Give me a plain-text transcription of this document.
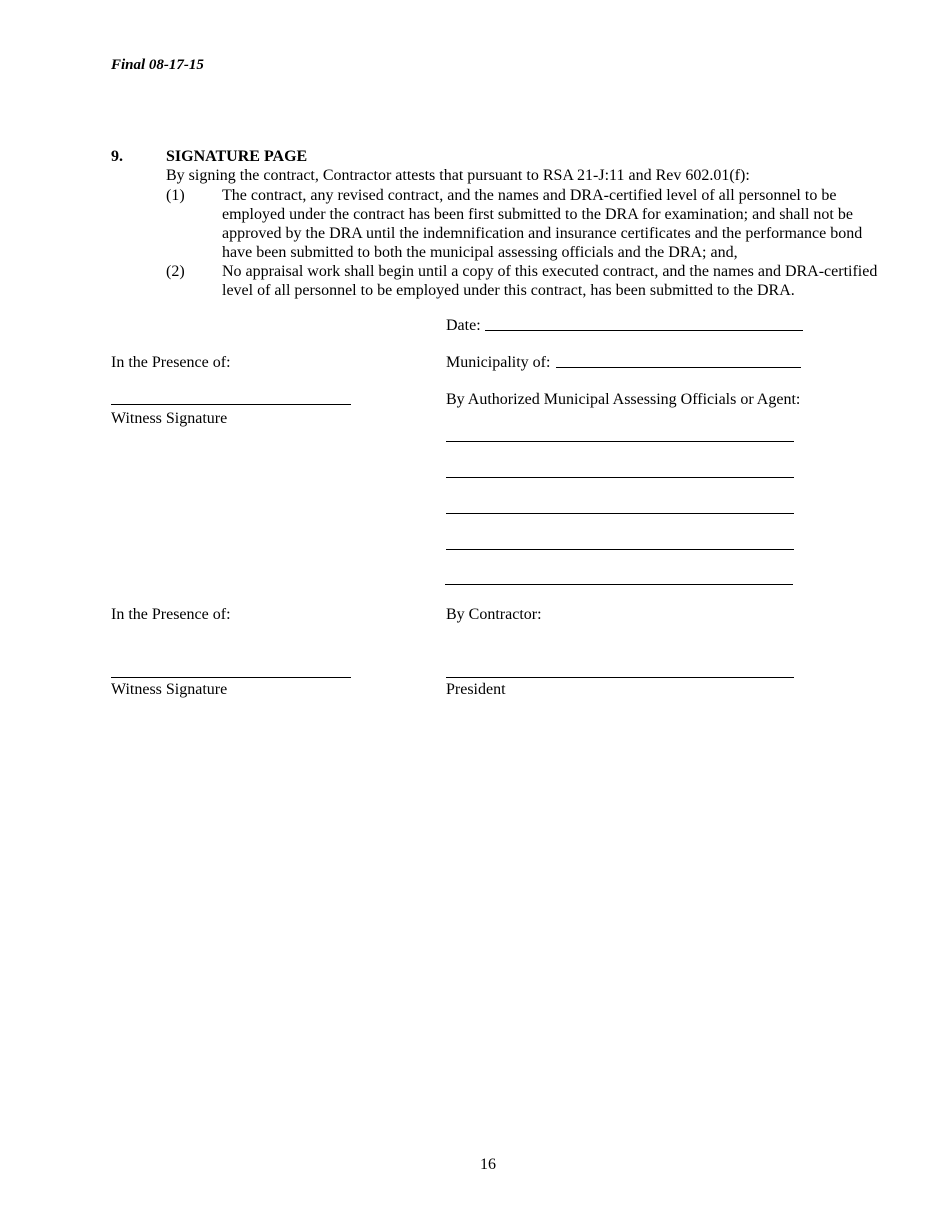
Final 08-17-15
9.	SIGNATURE PAGE
By signing the contract, Contractor attests that pursuant to RSA 21-J:11 and Rev 602.01(f):
(1) The contract, any revised contract, and the names and DRA-certified level of all personnel to be employed under the contract has been first submitted to the DRA for examination; and shall not be approved by the DRA until the indemnification and insurance certificates and the performance bond have been submitted to both the municipal assessing officials and the DRA; and,
(2) No appraisal work shall begin until a copy of this executed contract, and the names and DRA-certified level of all personnel to be employed under this contract, has been submitted to the DRA.
Date:
In the Presence of:	Municipality of:
By Authorized Municipal Assessing Officials or Agent:
Witness Signature
In the Presence of:	By Contractor:
Witness Signature	President
16
